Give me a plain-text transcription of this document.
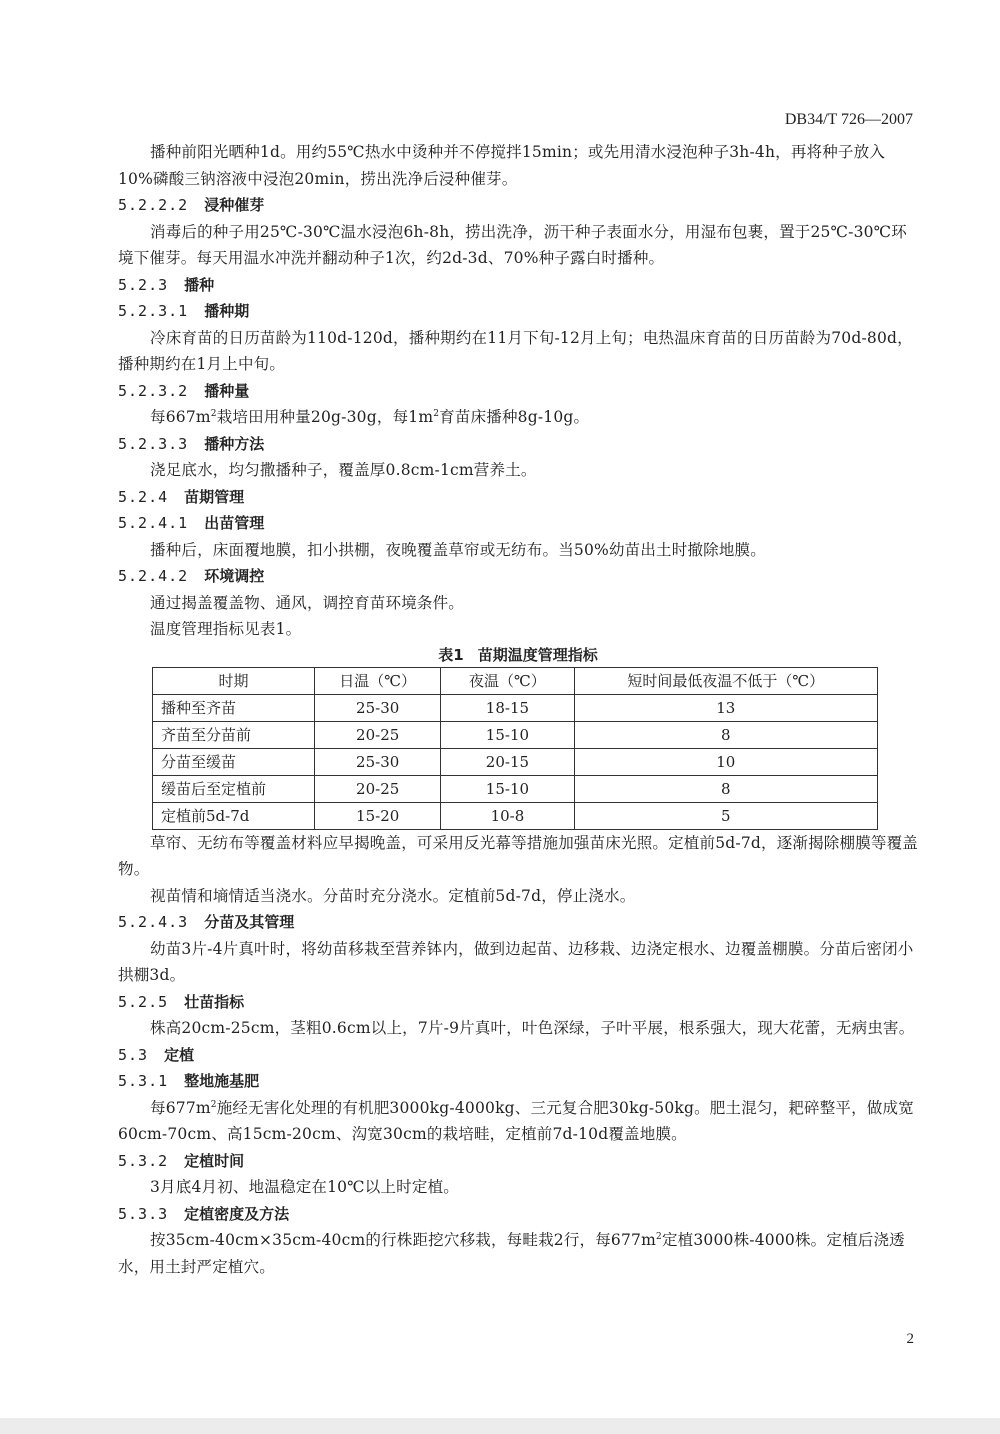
DB34/T 726—2007

播种前阳光晒种1d。用约55℃热水中烫种并不停搅拌15min；或先用清水浸泡种子3h-4h，再将种子放入10%磷酸三钠溶液中浸泡20min，捞出洗净后浸种催芽。

5.2.2.2 浸种催芽

消毒后的种子用25℃-30℃温水浸泡6h-8h，捞出洗净，沥干种子表面水分，用湿布包裹，置于25℃-30℃环境下催芽。每天用温水冲洗并翻动种子1次，约2d-3d、70%种子露白时播种。

5.2.3 播种
5.2.3.1 播种期

冷床育苗的日历苗龄为110d-120d，播种期约在11月下旬-12月上旬；电热温床育苗的日历苗龄为70d-80d，播种期约在1月上中旬。

5.2.3.2 播种量

每$667m^2$栽培田用种量20g-30g，每$1m^2$育苗床播种8g-10g。

5.2.3.3 播种方法

浇足底水，均匀撒播种子，覆盖厚0.8cm-1cm营养土。

5.2.4 苗期管理
5.2.4.1 出苗管理

播种后，床面覆地膜，扣小拱棚，夜晚覆盖草帘或无纺布。当50%幼苗出土时撤除地膜。

5.2.4.2 环境调控

通过揭盖覆盖物、通风，调控育苗环境条件。

温度管理指标见表1。

表1 苗期温度管理指标
时期	日温（℃）	夜温（℃）	短时间最低夜温不低于（℃）
播种至齐苗	25-30	18-15	13
齐苗至分苗前	20-25	15-10	8
分苗至缓苗	25-30	20-15	10
缓苗后至定植前	20-25	15-10	8
定植前5d-7d	15-20	10-8	5

草帘、无纺布等覆盖材料应早揭晚盖，可采用反光幕等措施加强苗床光照。定植前5d-7d，逐渐揭除棚膜等覆盖物。

视苗情和墒情适当浇水。分苗时充分浇水。定植前5d-7d，停止浇水。

5.2.4.3 分苗及其管理

幼苗3片-4片真叶时，将幼苗移栽至营养钵内，做到边起苗、边移栽、边浇定根水、边覆盖棚膜。分苗后密闭小拱棚3d。

5.2.5 壮苗指标

株高20cm-25cm，茎粗0.6cm以上，7片-9片真叶，叶色深绿，子叶平展，根系强大，现大花蕾，无病虫害。

5.3 定植
5.3.1 整地施基肥

每$677m^2$施经无害化处理的有机肥3000kg-4000kg、三元复合肥30kg-50kg。肥土混匀，耙碎整平，做成宽60cm-70cm、高15cm-20cm、沟宽30cm的栽培畦，定植前7d-10d覆盖地膜。

5.3.2 定植时间

3月底4月初、地温稳定在10℃以上时定植。

5.3.3 定植密度及方法

按35cm-40cm×35cm-40cm的行株距挖穴移栽，每畦栽2行，每$677m^2$定植3000株-4000株。定植后浇透水，用土封严定植穴。

2
